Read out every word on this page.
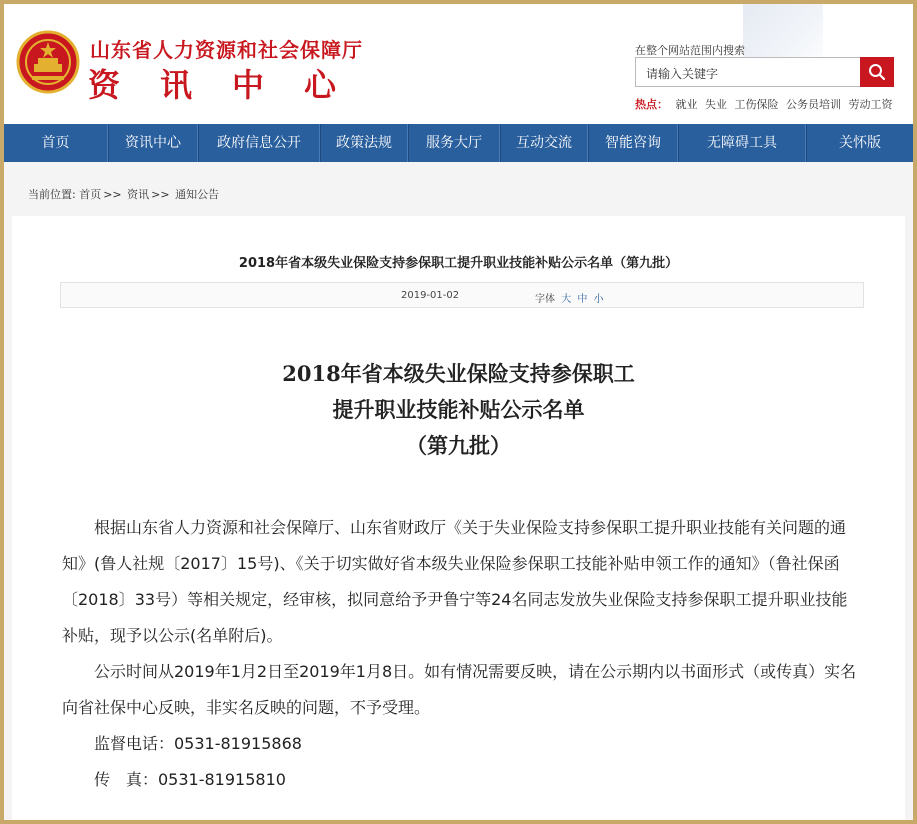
山东省人力资源和社会保障厅
资讯中心
在整个网站范围内搜索
请输入关键字
热点： 就业 失业 工伤保险 公务员培训 劳动工资
首页	资讯中心	政府信息公开	政策法规	服务大厅	互动交流	智能咨询	无障碍工具	关怀版
当前位置: 首页 >> 资讯 >> 通知公告
2018年省本级失业保险支持参保职工提升职业技能补贴公示名单（第九批）
2019-01-02	字体 大 中 小
2018年省本级失业保险支持参保职工
提升职业技能补贴公示名单
（第九批）

根据山东省人力资源和社会保障厅、山东省财政厅《关于失业保险支持参保职工提升职业技能有关问题的通知》(鲁人社规〔2017〕15号)、《关于切实做好省本级失业保险参保职工技能补贴申领工作的通知》（鲁社保函〔2018〕33号）等相关规定，经审核，拟同意给予尹鲁宁等24名同志发放失业保险支持参保职工提升职业技能补贴，现予以公示(名单附后)。

公示时间从2019年1月2日至2019年1月8日。如有情况需要反映，请在公示期内以书面形式（或传真）实名向省社保中心反映，非实名反映的问题，不予受理。

监督电话：0531-81915868

传　真：0531-81915810
